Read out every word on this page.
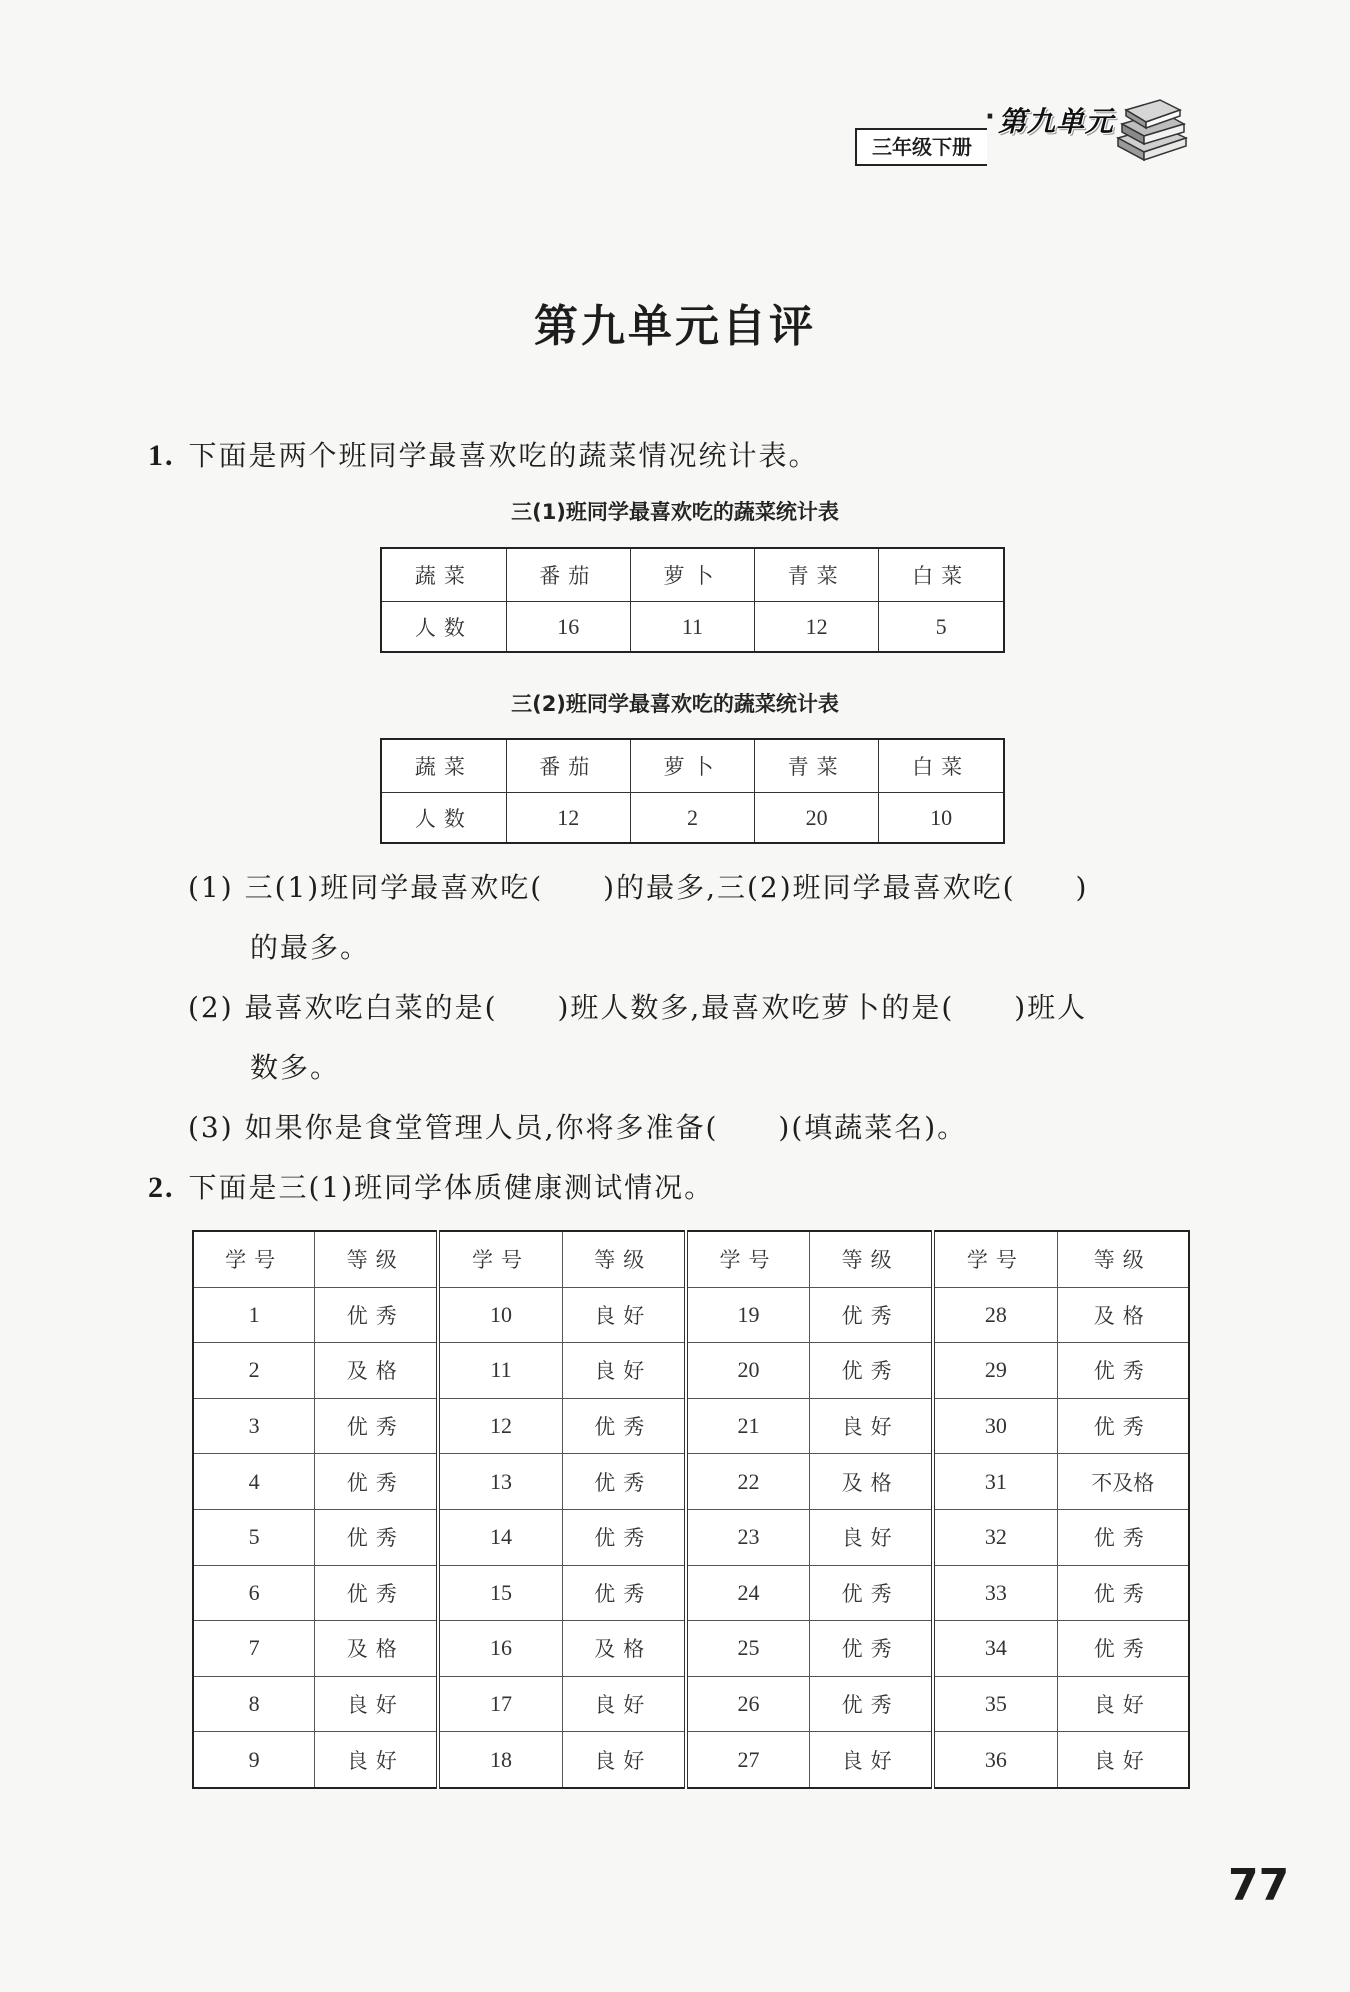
三年级下册
· 第九单元
第九单元自评
1. 下面是两个班同学最喜欢吃的蔬菜情况统计表。
三(1)班同学最喜欢吃的蔬菜统计表
蔬菜	番茄	萝卜	青菜	白菜
人数	16	11	12	5
三(2)班同学最喜欢吃的蔬菜统计表
蔬菜	番茄	萝卜	青菜	白菜
人数	12	2	20	10
(1) 三(1)班同学最喜欢吃(　　)的最多,三(2)班同学最喜欢吃(　　)
的最多。
(2) 最喜欢吃白菜的是(　　)班人数多,最喜欢吃萝卜的是(　　)班人
数多。
(3) 如果你是食堂管理人员,你将多准备(　　)(填蔬菜名)。
2. 下面是三(1)班同学体质健康测试情况。
学号	等级	学号	等级	学号	等级	学号	等级
1	优秀	10	良好	19	优秀	28	及格
2	及格	11	良好	20	优秀	29	优秀
3	优秀	12	优秀	21	良好	30	优秀
4	优秀	13	优秀	22	及格	31	不及格
5	优秀	14	优秀	23	良好	32	优秀
6	优秀	15	优秀	24	优秀	33	优秀
7	及格	16	及格	25	优秀	34	优秀
8	良好	17	良好	26	优秀	35	良好
9	良好	18	良好	27	良好	36	良好
77
